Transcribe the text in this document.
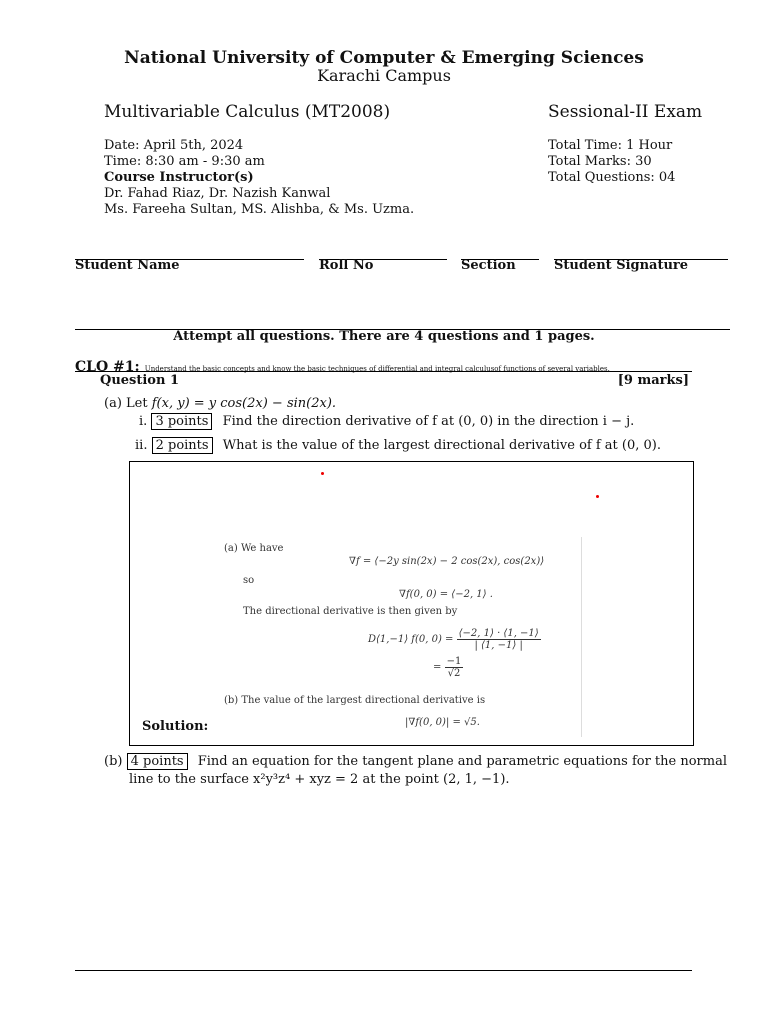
National University of Computer & Emerging Sciences
Karachi Campus
Multivariable Calculus (MT2008)	Sessional-II Exam
Date: April 5th, 2024
Time: 8:30 am - 9:30 am
Course Instructor(s)
Dr. Fahad Riaz, Dr. Nazish Kanwal
Ms. Fareeha Sultan, MS. Alishba, & Ms. Uzma.
Total Time: 1 Hour
Total Marks: 30
Total Questions: 04
Student Name	Roll No	Section	Student Signature
Attempt all questions. There are 4 questions and 1 pages.
CLO #1: Understand the basic concepts and know the basic techniques of differential and integral calculusof functions of several variables.
Question 1	[9 marks]
(a) Let f(x, y) = y cos(2x) − sin(2x).
i. 3 points Find the direction derivative of f at (0, 0) in the direction i − j.
ii. 2 points What is the value of the largest directional derivative of f at (0, 0).
(a) We have
∇f = ⟨−2y sin(2x) − 2 cos(2x), cos(2x)⟩
so
∇f(0, 0) = ⟨−2, 1⟩ .
The directional derivative is then given by
D⟨1,−1⟩ f(0, $0) = \frac{⟨-2, 1⟩ \cdot ⟨1, -1⟩}{| ⟨1, -1⟩ |}$
= $\frac{-1}{√2}$
(b) The value of the largest directional derivative is
|∇f(0, 0)| = √5.
Solution:
(b) 4 points Find an equation for the tangent plane and parametric equations for the normal
line to the surface x²y³z⁴ + xyz = 2 at the point (2, 1, −1).
